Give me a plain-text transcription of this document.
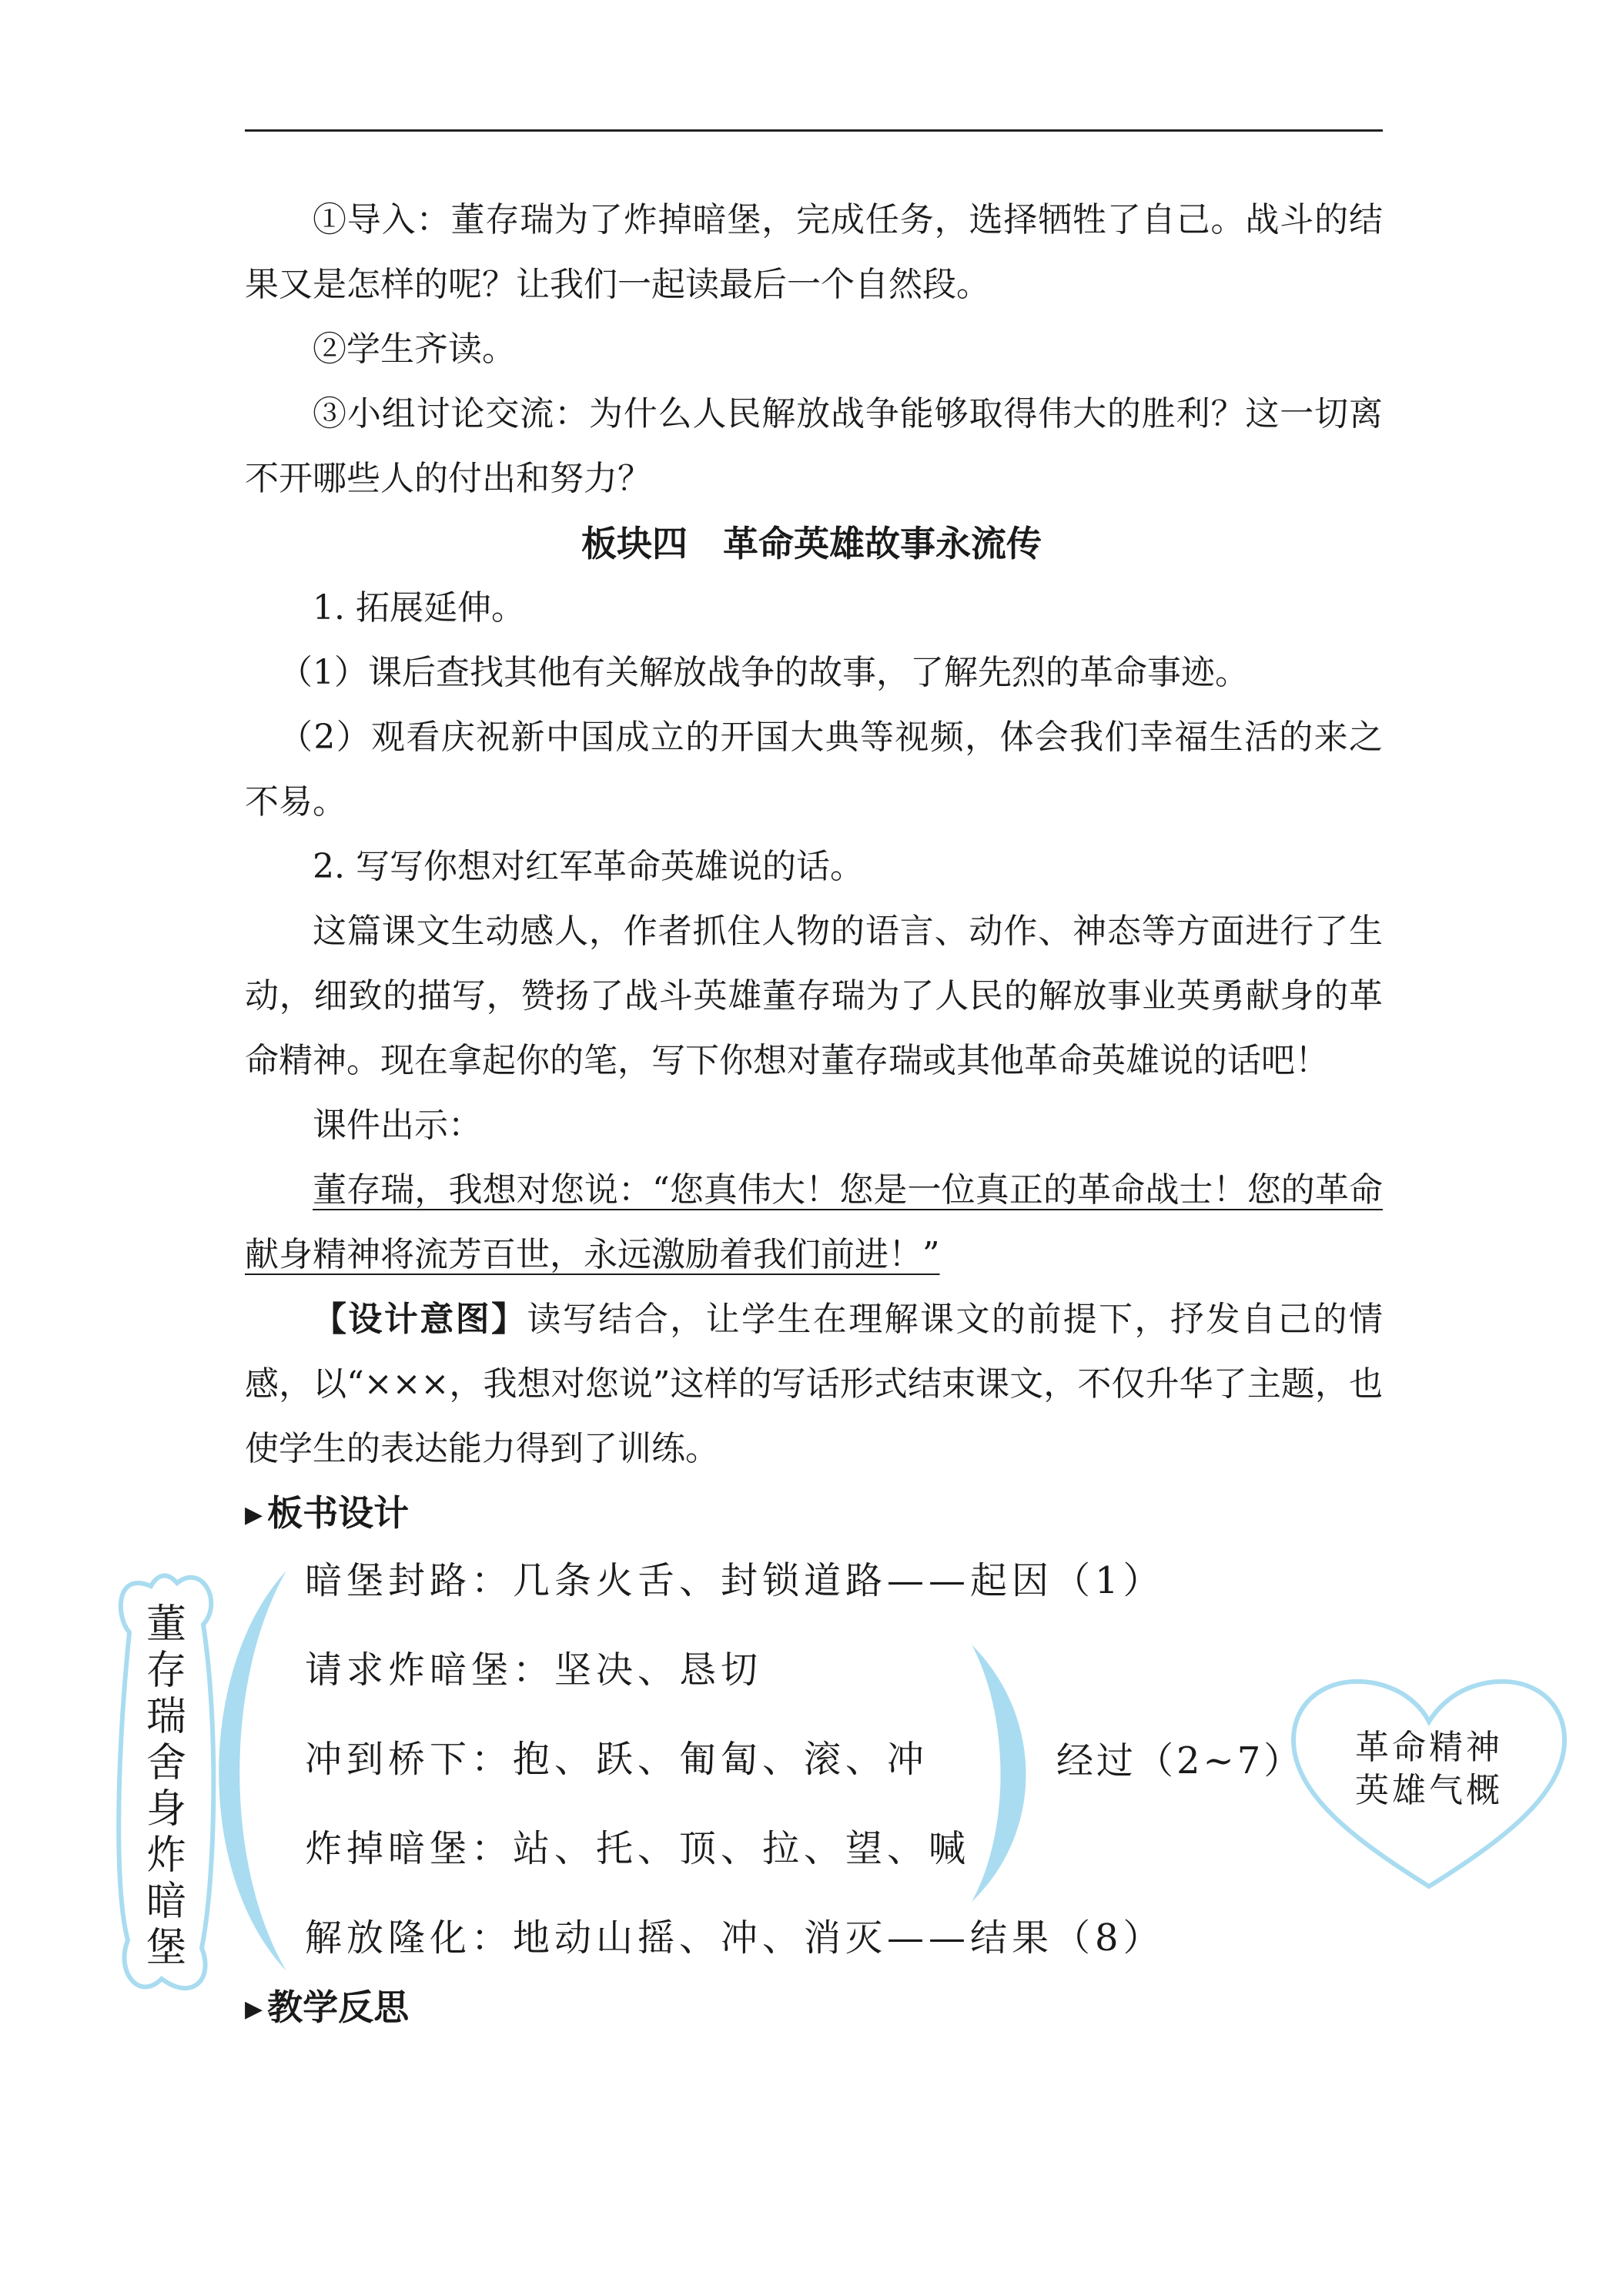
①导入：董存瑞为了炸掉暗堡，完成任务，选择牺牲了自己。战斗的结果又是怎样的呢？让我们一起读最后一个自然段。

②学生齐读。

③小组讨论交流：为什么人民解放战争能够取得伟大的胜利？这一切离不开哪些人的付出和努力？

板块四　革命英雄故事永流传

1. 拓展延伸。

（1）课后查找其他有关解放战争的故事，了解先烈的革命事迹。

（2）观看庆祝新中国成立的开国大典等视频，体会我们幸福生活的来之不易。

2. 写写你想对红军革命英雄说的话。

这篇课文生动感人，作者抓住人物的语言、动作、神态等方面进行了生动，细致的描写，赞扬了战斗英雄董存瑞为了人民的解放事业英勇献身的革命精神。现在拿起你的笔，写下你想对董存瑞或其他革命英雄说的话吧！

课件出示：

董存瑞，我想对您说：“您真伟大！您是一位真正的革命战士！您的革命献身精神将流芳百世，永远激励着我们前进！”

【设计意图】读写结合，让学生在理解课文的前提下，抒发自己的情感，以“×××，我想对您说”这样的写话形式结束课文，不仅升华了主题，也使学生的表达能力得到了训练。

▶ 板书设计
董存瑞舍身炸暗堡
暗堡封路：几条火舌、封锁道路——起因（1）
请求炸暗堡：坚决、恳切
冲到桥下：抱、跃、匍匐、滚、冲
炸掉暗堡：站、托、顶、拉、望、喊
解放隆化：地动山摇、冲、消灭——结果（8）
经过（2~7）	革命精神
英雄气概
▶ 教学反思
